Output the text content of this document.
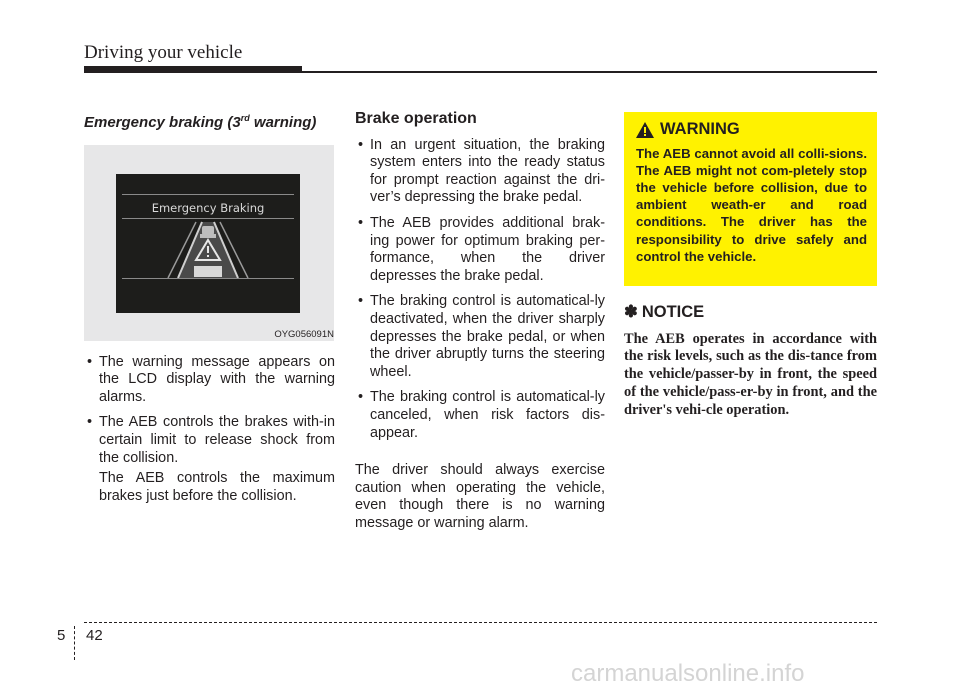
Driving your vehicle

Emergency braking (3rd warning)

Emergency Braking
OYG056091N
• The warning message appears on the LCD display with the warning alarms.
• The AEB controls the brakes with-in certain limit to release shock from the collision.

The AEB controls the maximum brakes just before the collision.

Brake operation

• In an urgent situation, the braking system enters into the ready status for prompt reaction against the dri-ver’s depressing the brake pedal.
• The AEB provides additional brak-ing power for optimum braking per-formance, when the driver depresses the brake pedal.
• The braking control is automatical-ly deactivated, when the driver sharply depresses the brake pedal, or when the driver abruptly turns the steering wheel.
• The braking control is automatical-ly canceled, when risk factors dis-appear.

The driver should always exercise caution when operating the vehicle, even though there is no warning message or warning alarm.

WARNING
The AEB cannot avoid all colli-sions. The AEB might not com-pletely stop the vehicle before collision, due to ambient weath-er and road conditions. The driver has the responsibility to drive safely and control the vehicle.
✽ NOTICE
The AEB operates in accordance with the risk levels, such as the dis-tance from the vehicle/passer-by in front, the speed of the vehicle/pass-er-by in front, and the driver's vehi-cle operation.
5 42
carmanualsonline.info
